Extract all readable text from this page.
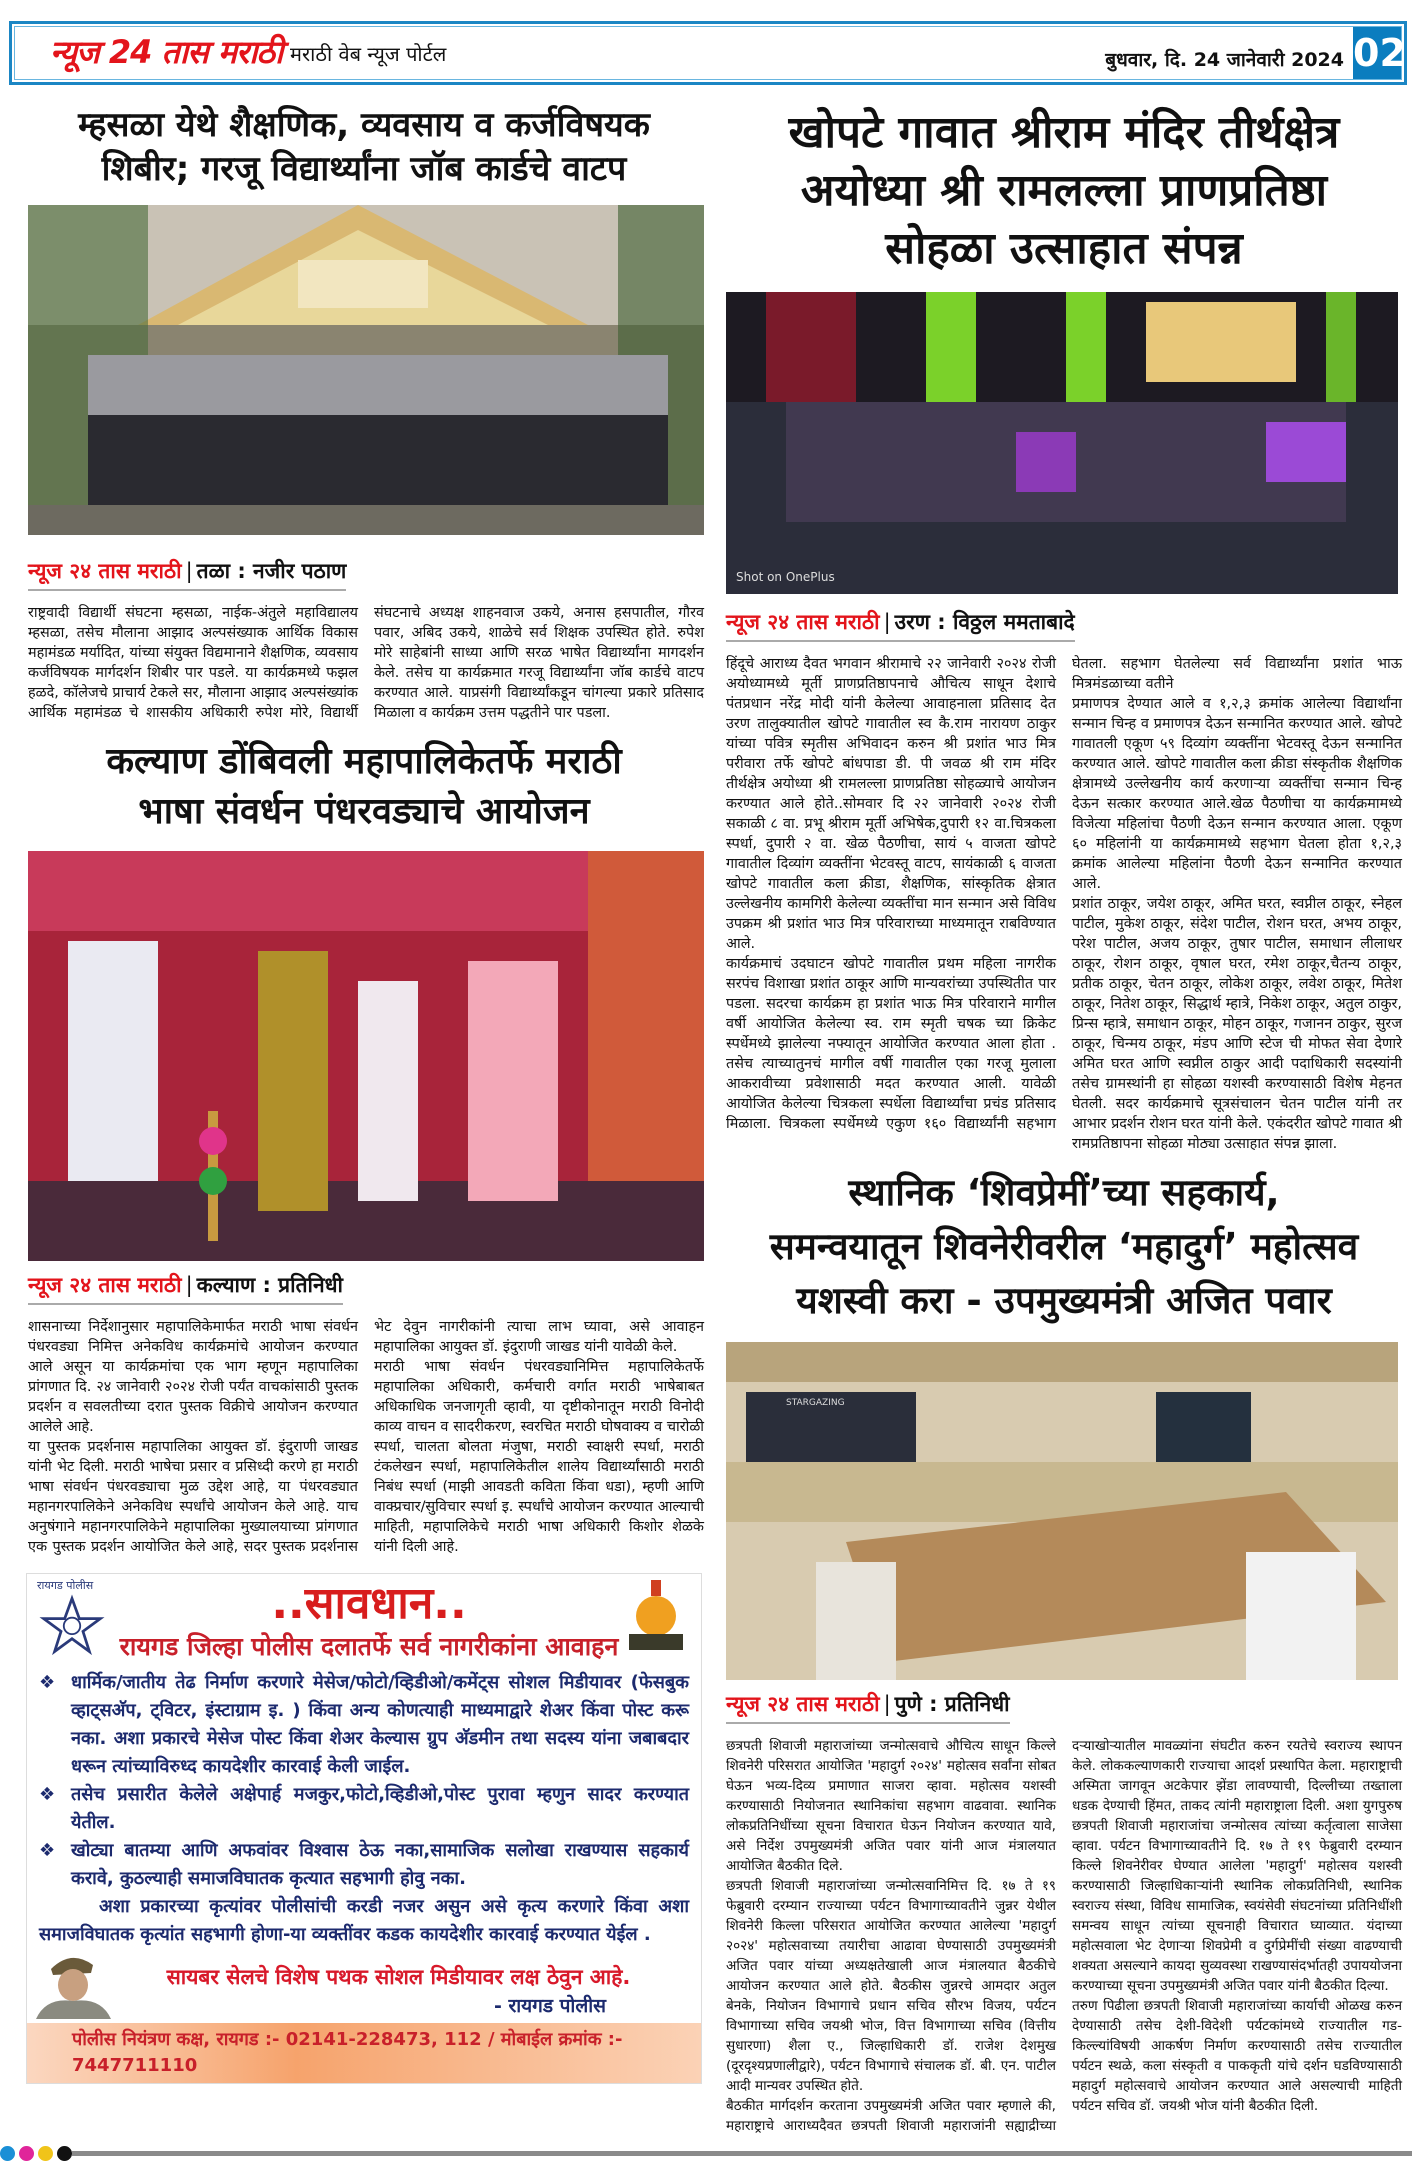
न्यूज 24 तास मराठी मराठी वेब न्यूज पोर्टल	बुधवार, दि. 24 जानेवारी 2024 02
म्हसळा येथे शैक्षणिक, व्यवसाय व कर्जविषयक
शिबीर; गरजू विद्यार्थ्यांना जॉब कार्डचे वाटप
न्यूज २४ तास मराठी | तळा : नजीर पठाण

राष्ट्रवादी विद्यार्थी संघटना म्हसळा, नाईक-अंतुले महाविद्यालय म्हसळा, तसेच मौलाना आझाद अल्पसंख्याक आर्थिक विकास महामंडळ मर्यादित, यांच्या संयुक्त विद्यमानाने शैक्षणिक, व्यवसाय कर्जविषयक मार्गदर्शन शिबीर पार पडले. या कार्यक्रमध्ये फझल हळदे, कॉलेजचे प्राचार्य टेकले सर, मौलाना आझाद अल्पसंख्यांक आर्थिक महामंडळ चे शासकीय अधिकारी रुपेश मोरे, विद्यार्थी संघटनाचे अध्यक्ष शाहनवाज उकये, अनास हसपातील, गौरव पवार, अबिद उकये, शाळेचे सर्व शिक्षक उपस्थित होते. रुपेश मोरे साहेबांनी साध्या आणि सरळ भाषेत विद्यार्थ्यांना मागदर्शन केले. तसेच या कार्यक्रमात गरजू विद्यार्थ्यांना जॉब कार्डचे वाटप करण्यात आले. याप्रसंगी विद्यार्थ्यांकडून चांगल्या प्रकारे प्रतिसाद मिळाला व कार्यक्रम उत्तम पद्धतीने पार पडला.

कल्याण डोंबिवली महापालिकेतर्फे मराठी
भाषा संवर्धन पंधरवड्याचे आयोजन
न्यूज २४ तास मराठी | कल्याण : प्रतिनिधी

शासनाच्या निर्देशानुसार महापालिकेमार्फत मराठी भाषा संवर्धन पंधरवड्या निमित्त अनेकविध कार्यक्रमांचे आयोजन करण्यात आले असून या कार्यक्रमांचा एक भाग म्हणून महापालिका प्रांगणात दि. २४ जानेवारी २०२४ रोजी पर्यंत वाचकांसाठी पुस्तक प्रदर्शन व सवलतीच्या दरात पुस्तक विक्रीचे आयोजन करण्यात आलेले आहे.

या पुस्तक प्रदर्शनास महापालिका आयुक्त डॉ. इंदुराणी जाखड यांनी भेट दिली. मराठी भाषेचा प्रसार व प्रसिध्दी करणे हा मराठी भाषा संवर्धन पंधरवड्याचा मुळ उद्देश आहे, या पंधरवड्यात महानगरपालिकेने अनेकविध स्पर्धांचे आयोजन केले आहे. याच अनुषंगाने महानगरपालिकेने महापालिका मुख्यालयाच्या प्रांगणात एक पुस्तक प्रदर्शन आयोजित केले आहे, सदर पुस्तक प्रदर्शनास भेट देवुन नागरीकांनी त्याचा लाभ घ्यावा, असे आवाहन महापालिका आयुक्त डॉ. इंदुराणी जाखड यांनी यावेळी केले.

मराठी भाषा संवर्धन पंधरवड्यानिमित्त महापालिकेतर्फे महापालिका अधिकारी, कर्मचारी वर्गात मराठी भाषेबाबत अधिकाधिक जनजागृती व्हावी, या दृष्टीकोनातून मराठी विनोदी काव्य वाचन व सादरीकरण, स्वरचित मराठी घोषवाक्य व चारोळी स्पर्धा, चालता बोलता मंजुषा, मराठी स्वाक्षरी स्पर्धा, मराठी टंकलेखन स्पर्धा, महापालिकेतील शालेय विद्यार्थ्यांसाठी मराठी निबंध स्पर्धा (माझी आवडती कविता किंवा धडा), म्हणी आणि वाक्प्रचार/सुविचार स्पर्धा इ. स्पर्धांचे आयोजन करण्यात आल्याची माहिती, महापालिकेचे मराठी भाषा अधिकारी किशोर शेळके यांनी दिली आहे.

रायगड पोलीस	..सावधान..
रायगड जिल्हा पोलीस दलातर्फे सर्व नागरीकांना आवाहन
❖ धार्मिक/जातीय तेढ निर्माण करणारे मेसेज/फोटो/व्हिडीओ/कमेंट्स सोशल मिडीयावर (फेसबुक व्हाट्सअ‍ॅप, ट्विटर, इंस्टाग्राम इ. ) किंवा अन्य कोणत्याही माध्यमाद्वारे शेअर किंवा पोस्ट करू नका. अशा प्रकारचे मेसेज पोस्ट किंवा शेअर केल्यास ग्रुप अ‍ॅडमीन तथा सदस्य यांना जबाबदार धरून त्यांच्याविरुध्द कायदेशीर कारवाई केली जाईल.
❖ तसेच प्रसारीत केलेले अक्षेपार्ह मजकुर,फोटो,व्हिडीओ,पोस्ट पुरावा म्हणुन सादर करण्यात येतील.
❖ खोट्या बातम्या आणि अफवांवर विश्वास ठेऊ नका,सामाजिक सलोखा राखण्यास सहकार्य करावे, कुठल्याही समाजविघातक कृत्यात सहभागी होवु नका.
अशा प्रकारच्या कृत्यांवर पोलीसांची करडी नजर असुन असे कृत्य करणारे किंवा अशा समाजविघातक कृत्यांत सहभागी होणा-या व्यक्तींवर कडक कायदेशीर कारवाई करण्यात येईल .
सायबर सेलचे विशेष पथक सोशल मिडीयावर लक्ष ठेवुन आहे.
- रायगड पोलीस
पोलीस नियंत्रण कक्ष, रायगड :- 02141-228473, 112 / मोबाईल क्रमांक :- 7447711110
खोपटे गावात श्रीराम मंदिर तीर्थक्षेत्र
अयोध्या श्री रामलल्ला प्राणप्रतिष्ठा
सोहळा उत्साहात संपन्न
Shot on OnePlus
न्यूज २४ तास मराठी | उरण : विठ्ठल ममताबादे

हिंदूचे आराध्य दैवत भगवान श्रीरामाचे २२ जानेवारी २०२४ रोजी अयोध्यामध्ये मूर्ती प्राणप्रतिष्ठापनाचे औचित्य साधून देशाचे पंतप्रधान नरेंद्र मोदी यांनी केलेल्या आवाहनाला प्रतिसाद देत उरण तालुक्यातील खोपटे गावातील स्व कै.राम नारायण ठाकुर यांच्या पवित्र स्मृतीस अभिवादन करुन श्री प्रशांत भाउ मित्र परीवारा तर्फे खोपटे बांधपाडा डी. पी जवळ श्री राम मंदिर तीर्थक्षेत्र अयोध्या श्री रामलल्ला प्राणप्रतिष्ठा सोहळ्याचे आयोजन करण्यात आले होते..सोमवार दि २२ जानेवारी २०२४ रोजी सकाळी ८ वा. प्रभू श्रीराम मूर्ती अभिषेक,दुपारी १२ वा.चित्रकला स्पर्धा, दुपारी २ वा. खेळ पैठणीचा, सायं ५ वाजता खोपटे गावातील दिव्यांग व्यक्तींना भेटवस्तू वाटप, सायंकाळी ६ वाजता खोपटे गावातील कला क्रीडा, शैक्षणिक, सांस्कृतिक क्षेत्रात उल्लेखनीय कामगिरी केलेल्या व्यक्तींचा मान सन्मान असे विविध उपक्रम श्री प्रशांत भाउ मित्र परिवाराच्या माध्यमातून राबविण्यात आले.

कार्यक्रमाचं उदघाटन खोपटे गावातील प्रथम महिला नागरीक सरपंच विशाखा प्रशांत ठाकूर आणि मान्यवरांच्या उपस्थितीत पार पडला. सदरचा कार्यक्रम हा प्रशांत भाऊ मित्र परिवाराने मागील वर्षी आयोजित केलेल्या स्व. राम स्मृती चषक च्या क्रिकेट स्पर्धेमध्ये झालेल्या नफ्यातून आयोजित करण्यात आला होता . तसेच त्याच्यातुनचं मागील वर्षी गावातील एका गरजू मुलाला आकरावीच्या प्रवेशासाठी मदत करण्यात आली. यावेळी आयोजित केलेल्या चित्रकला स्पर्धेला विद्यार्थ्यांचा प्रचंड प्रतिसाद मिळाला. चित्रकला स्पर्धेमध्ये एकुण १६० विद्यार्थ्यांनी सहभाग घेतला. सहभाग घेतलेल्या सर्व विद्यार्थ्यांना प्रशांत भाऊ मित्रमंडळाच्या वतीने

प्रमाणपत्र देण्यात आले व १,२,३ क्रमांक आलेल्या विद्यार्थांना सन्मान चिन्ह व प्रमाणपत्र देऊन सन्मानित करण्यात आले. खोपटे गावातली एकूण ५९ दिव्यांग व्यक्तींना भेटवस्तू देऊन सन्मानित करण्यात आले. खोपटे गावातील कला क्रीडा संस्कृतीक शैक्षणिक क्षेत्रामध्ये उल्लेखनीय कार्य करणाऱ्या व्यक्तींचा सन्मान चिन्ह देऊन सत्कार करण्यात आले.खेळ पैठणीचा या कार्यक्रमामध्ये विजेत्या महिलांचा पैठणी देऊन सन्मान करण्यात आला. एकूण ६० महिलांनी या कार्यक्रमामध्ये सहभाग घेतला होता १,२,३ क्रमांक आलेल्या महिलांना पैठणी देऊन सन्मानित करण्यात आले.

प्रशांत ठाकूर, जयेश ठाकूर, अमित घरत, स्वप्नील ठाकूर, स्नेहल पाटील, मुकेश ठाकूर, संदेश पाटील, रोशन घरत, अभय ठाकूर, परेश पाटील, अजय ठाकूर, तुषार पाटील, समाधान लीलाधर ठाकूर, रोशन ठाकूर, वृषाल घरत, रमेश ठाकूर,चैतन्य ठाकूर, प्रतीक ठाकूर, चेतन ठाकूर, लोकेश ठाकूर, लवेश ठाकूर, मितेश ठाकूर, नितेश ठाकूर, सिद्धार्थ म्हात्रे, निकेश ठाकूर, अतुल ठाकुर, प्रिन्स म्हात्रे, समाधान ठाकूर, मोहन ठाकूर, गजानन ठाकुर, सुरज ठाकूर, चिन्मय ठाकूर, मंडप आणि स्टेज ची मोफत सेवा देणारे अमित घरत आणि स्वप्नील ठाकुर आदी पदाधिकारी सदस्यांनी तसेच ग्रामस्थांनी हा सोहळा यशस्वी करण्यासाठी विशेष मेहनत घेतली. सदर कार्यक्रमाचे सूत्रसंचालन चेतन पाटील यांनी तर आभार प्रदर्शन रोशन घरत यांनी केले. एकंदरीत खोपटे गावात श्री रामप्रतिष्ठापना सोहळा मोठ्या उत्साहात संपन्न झाला.

स्थानिक ‘शिवप्रेमीं’च्या सहकार्य,
समन्वयातून शिवनेरीवरील ‘महादुर्ग’ महोत्सव
यशस्वी करा - उपमुख्यमंत्री अजित पवार
STARGAZING
न्यूज २४ तास मराठी | पुणे : प्रतिनिधी

छत्रपती शिवाजी महाराजांच्या जन्मोत्सवाचे औचित्य साधून किल्ले शिवनेरी परिसरात आयोजित 'महादुर्ग २०२४' महोत्सव सर्वांना सोबत घेऊन भव्य-दिव्य प्रमाणात साजरा व्हावा. महोत्सव यशस्वी करण्यासाठी नियोजनात स्थानिकांचा सहभाग वाढवावा. स्थानिक लोकप्रतिनिधींच्या सूचना विचारात घेऊन नियोजन करण्यात यावे, असे निर्देश उपमुख्यमंत्री अजित पवार यांनी आज मंत्रालयात आयोजित बैठकीत दिले.

छत्रपती शिवाजी महाराजांच्या जन्मोत्सवानिमित्त दि. १७ ते १९ फेब्रुवारी दरम्यान राज्याच्या पर्यटन विभागाच्यावतीने जुन्नर येथील शिवनेरी किल्ला परिसरात आयोजित करण्यात आलेल्या 'महादुर्ग २०२४' महोत्सवाच्या तयारीचा आढावा घेण्यासाठी उपमुख्यमंत्री अजित पवार यांच्या अध्यक्षतेखाली आज मंत्रालयात बैठकीचे आयोजन करण्यात आले होते. बैठकीस जुन्नरचे आमदार अतुल बेनके, नियोजन विभागाचे प्रधान सचिव सौरभ विजय, पर्यटन विभागाच्या सचिव जयश्री भोज, वित्त विभागाच्या सचिव (वित्तीय सुधारणा) शैला ए., जिल्हाधिकारी डॉ. राजेश देशमुख (दूरदृश्यप्रणालीद्वारे), पर्यटन विभागाचे संचालक डॉ. बी. एन. पाटील आदी मान्यवर उपस्थित होते.

बैठकीत मार्गदर्शन करताना उपमुख्यमंत्री अजित पवार म्हणाले की, महाराष्ट्राचे आराध्यदैवत छत्रपती शिवाजी महाराजांनी सह्याद्रीच्या दऱ्याखोऱ्यातील मावळ्यांना संघटीत करुन रयतेचे स्वराज्य स्थापन केले. लोककल्याणकारी राज्याचा आदर्श प्रस्थापित केला. महाराष्ट्राची अस्मिता जागवून अटकेपार झेंडा लावण्याची, दिल्लीच्या तख्ताला धडक देण्याची हिंमत, ताकद त्यांनी महाराष्ट्राला दिली. अशा युगपुरुष छत्रपती शिवाजी महाराजांचा जन्मोत्सव त्यांच्या कर्तृत्वाला साजेसा व्हावा. पर्यटन विभागाच्यावतीने दि. १७ ते १९ फेब्रुवारी दरम्यान किल्ले शिवनेरीवर घेण्यात आलेला 'महादुर्ग' महोत्सव यशस्वी करण्यासाठी जिल्हाधिकाऱ्यांनी स्थानिक लोकप्रतिनिधी, स्थानिक स्वराज्य संस्था, विविध सामाजिक, स्वयंसेवी संघटनांच्या प्रतिनिधींशी समन्वय साधून त्यांच्या सूचनाही विचारात घ्याव्यात. यंदाच्या महोत्सवाला भेट देणाऱ्या शिवप्रेमी व दुर्गप्रेमींची संख्या वाढण्याची शक्यता असल्याने कायदा सुव्यवस्था राखण्यासंदर्भातही उपाययोजना करण्याच्या सूचना उपमुख्यमंत्री अजित पवार यांनी बैठकीत दिल्या.

तरुण पिढीला छत्रपती शिवाजी महाराजांच्या कार्याची ओळख करुन देण्यासाठी तसेच देशी-विदेशी पर्यटकांमध्ये राज्यातील गड-किल्ल्यांविषयी आकर्षण निर्माण करण्यासाठी तसेच राज्यातील पर्यटन स्थळे, कला संस्कृती व पाककृती यांचे दर्शन घडविण्यासाठी महादुर्ग महोत्सवाचे आयोजन करण्यात आले असल्याची माहिती पर्यटन सचिव डॉ. जयश्री भोज यांनी बैठकीत दिली.
